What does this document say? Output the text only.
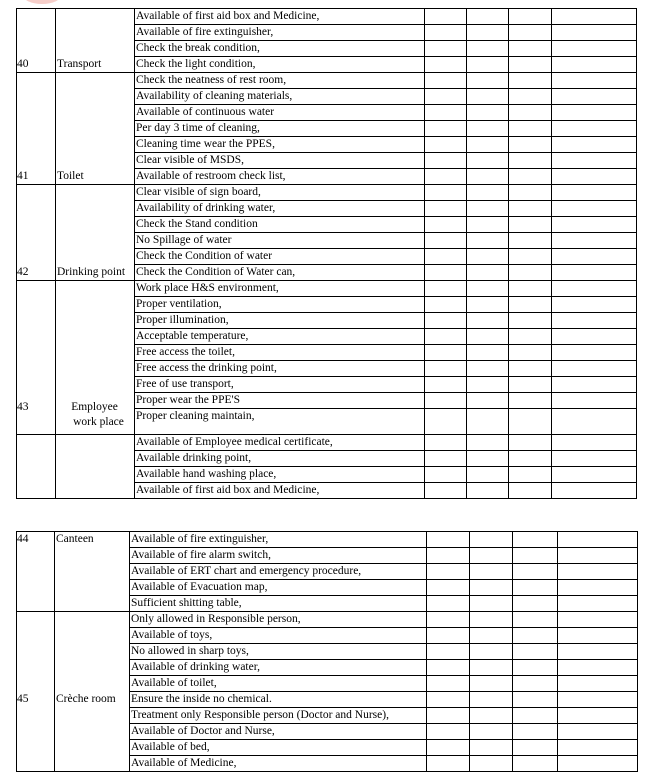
Available of first aid box and Medicine,
Available of fire extinguisher,
Check the break condition,
Check the light condition,
Check the neatness of rest room,
Availability of cleaning materials,
Available of continuous water
Per day 3 time of cleaning,
Cleaning time wear the PPES,
Clear visible of MSDS,
Available of restroom check list,
Clear visible of sign board,
Availability of drinking water,
Check the Stand condition
No Spillage of water
Check the Condition of water
Check the Condition of Water can,
Work place H&S environment,
Proper ventilation,
Proper illumination,
Acceptable temperature,
Free access the toilet,
Free access the drinking point,
Free of use transport,
Proper wear the PPE'S
Proper cleaning maintain,
Available of Employee medical certificate,
Available drinking point,
Available hand washing place,
Available of first aid box and Medicine,
40 Transport
41 Toilet
42 Drinking point
43	Employee
work place
Available of fire extinguisher,
Available of fire alarm switch,
Available of ERT chart and emergency procedure,
Available of Evacuation map,
Sufficient shitting table,
Only allowed in Responsible person,
Available of toys,
No allowed in sharp toys,
Available of drinking water,
Available of toilet,
Ensure the inside no chemical.
Treatment only Responsible person (Doctor and Nurse),
Available of Doctor and Nurse,
Available of bed,
Available of Medicine,
44 Canteen
45 Crèche room
